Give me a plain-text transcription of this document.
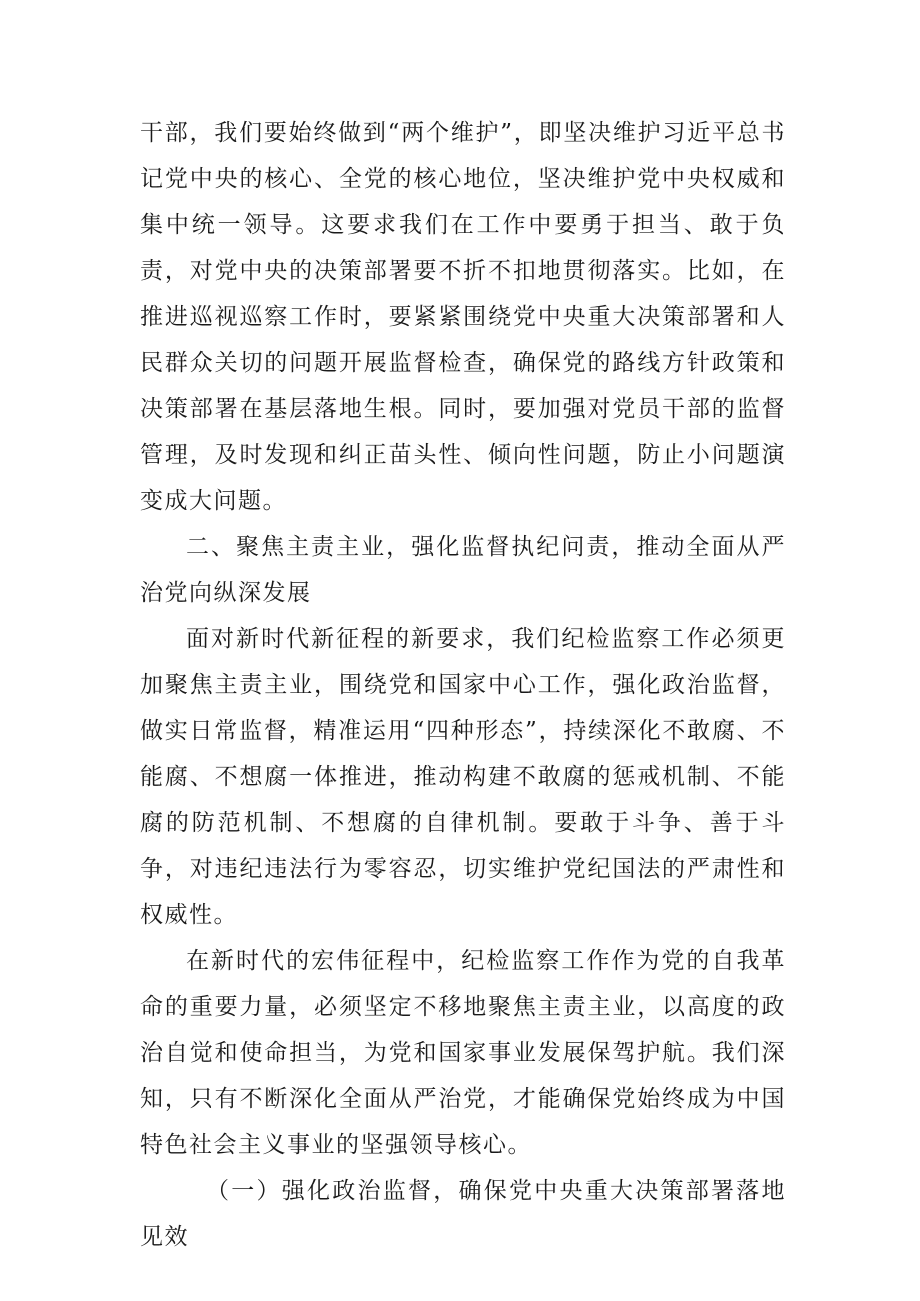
干部，我们要始终做到“两个维护”，即坚决维护习近平总书记党中央的核心、全党的核心地位，坚决维护党中央权威和集中统一领导。这要求我们在工作中要勇于担当、敢于负责，对党中央的决策部署要不折不扣地贯彻落实。比如，在推进巡视巡察工作时，要紧紧围绕党中央重大决策部署和人民群众关切的问题开展监督检查，确保党的路线方针政策和决策部署在基层落地生根。同时，要加强对党员干部的监督管理，及时发现和纠正苗头性、倾向性问题，防止小问题演变成大问题。

二、聚焦主责主业，强化监督执纪问责，推动全面从严治党向纵深发展

面对新时代新征程的新要求，我们纪检监察工作必须更加聚焦主责主业，围绕党和国家中心工作，强化政治监督，做实日常监督，精准运用“四种形态”，持续深化不敢腐、不能腐、不想腐一体推进，推动构建不敢腐的惩戒机制、不能腐的防范机制、不想腐的自律机制。要敢于斗争、善于斗争，对违纪违法行为零容忍，切实维护党纪国法的严肃性和权威性。

在新时代的宏伟征程中，纪检监察工作作为党的自我革命的重要力量，必须坚定不移地聚焦主责主业，以高度的政治自觉和使命担当，为党和国家事业发展保驾护航。我们深知，只有不断深化全面从严治党，才能确保党始终成为中国特色社会主义事业的坚强领导核心。

（一）强化政治监督，确保党中央重大决策部署落地见效
